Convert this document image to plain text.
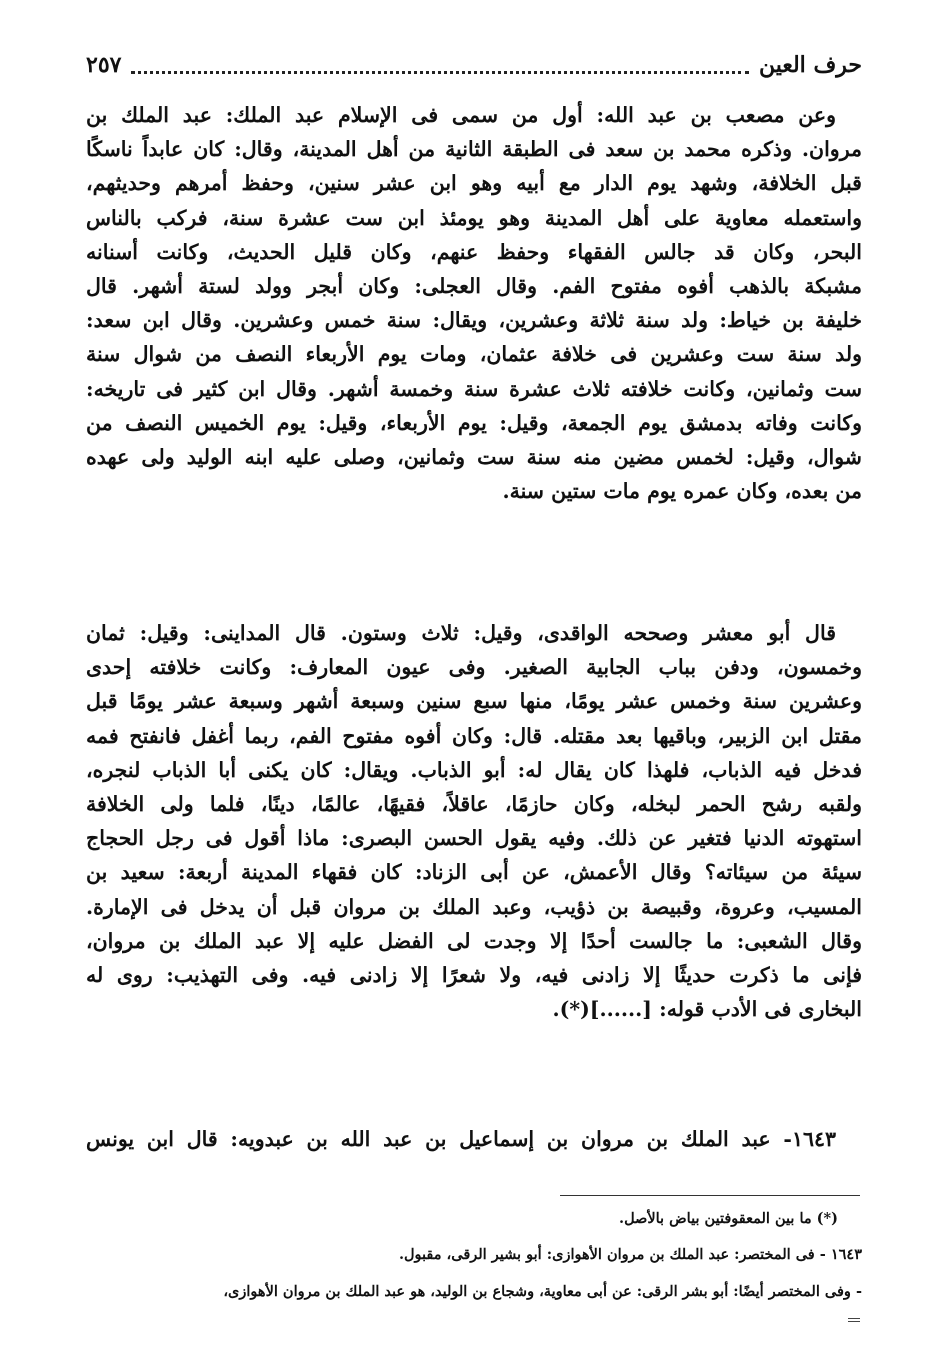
حرف العين
٢٥٧
وعن مصعب بن عبد الله: أول من سمى فى الإسلام عبد الملك: عبد الملك بن
مروان. وذكره محمد بن سعد فى الطبقة الثانية من أهل المدينة، وقال: كان عابداً ناسكًا
قبل الخلافة، وشهد يوم الدار مع أبيه وهو ابن عشر سنين، وحفظ أمرهم وحديثهم،
واستعمله معاوية على أهل المدينة وهو يومئذ ابن ست عشرة سنة، فركب بالناس
البحر، وكان قد جالس الفقهاء وحفظ عنهم، وكان قليل الحديث، وكانت أسنانه
مشبكة بالذهب أفوه مفتوح الفم. وقال العجلى: وكان أبجر وولد لستة أشهر. قال
خليفة بن خياط: ولد سنة ثلاثة وعشرين، ويقال: سنة خمس وعشرين. وقال ابن سعد:
ولد سنة ست وعشرين فى خلافة عثمان، ومات يوم الأربعاء النصف من شوال سنة
ست وثمانين، وكانت خلافته ثلاث عشرة سنة وخمسة أشهر. وقال ابن كثير فى تاريخه:
وكانت وفاته بدمشق يوم الجمعة، وقيل: يوم الأربعاء، وقيل: يوم الخميس النصف من
شوال، وقيل: لخمس مضين منه سنة ست وثمانين، وصلى عليه ابنه الوليد ولى عهده
من بعده، وكان عمره يوم مات ستين سنة.
قال أبو معشر وصححه الواقدى، وقيل: ثلاث وستون. قال المداينى: وقيل: ثمان
وخمسون، ودفن بباب الجابية الصغير. وفى عيون المعارف: وكانت خلافته إحدى
وعشرين سنة وخمس عشر يومًا، منها سبع سنين وسبعة أشهر وسبعة عشر يومًا قبل
مقتل ابن الزبير، وباقيها بعد مقتله. قال: وكان أفوه مفتوح الفم، ربما أغفل فانفتح فمه
فدخل فيه الذباب، فلهذا كان يقال له: أبو الذباب. ويقال: كان يكنى أبا الذباب لنجره،
ولقبه رشح الحمر لبخله، وكان حازمًا، عاقلاً، فقيهًا، عالمًا، دينًا، فلما ولى الخلافة
استهوته الدنيا فتغير عن ذلك. وفيه يقول الحسن البصرى: ماذا أقول فى رجل الحجاج
سيئة من سيئاته؟ وقال الأعمش، عن أبى الزناد: كان فقهاء المدينة أربعة: سعيد بن
المسيب، وعروة، وقبيصة بن ذؤيب، وعبد الملك بن مروان قبل أن يدخل فى الإمارة.
وقال الشعبى: ما جالست أحدًا إلا وجدت لى الفضل عليه إلا عبد الملك بن مروان،
فإنى ما ذكرت حديثًا إلا زادنى فيه، ولا شعرًا إلا زادنى فيه. وفى التهذيب: روى له
البخارى فى الأدب قوله: [......](*).
١٦٤٣- عبد الملك بن مروان بن إسماعيل بن عبد الله بن عبدويه: قال ابن يونس
(*) ما بين المعقوفتين بياض بالأصل.
١٦٤٣ - فى المختصر: عبد الملك بن مروان الأهوازى: أبو بشير الرقى، مقبول.
- وفى المختصر أيضًا: أبو بشر الرقى: عن أبى معاوية، وشجاع بن الوليد، هو عبد الملك بن مروان الأهوازى،
